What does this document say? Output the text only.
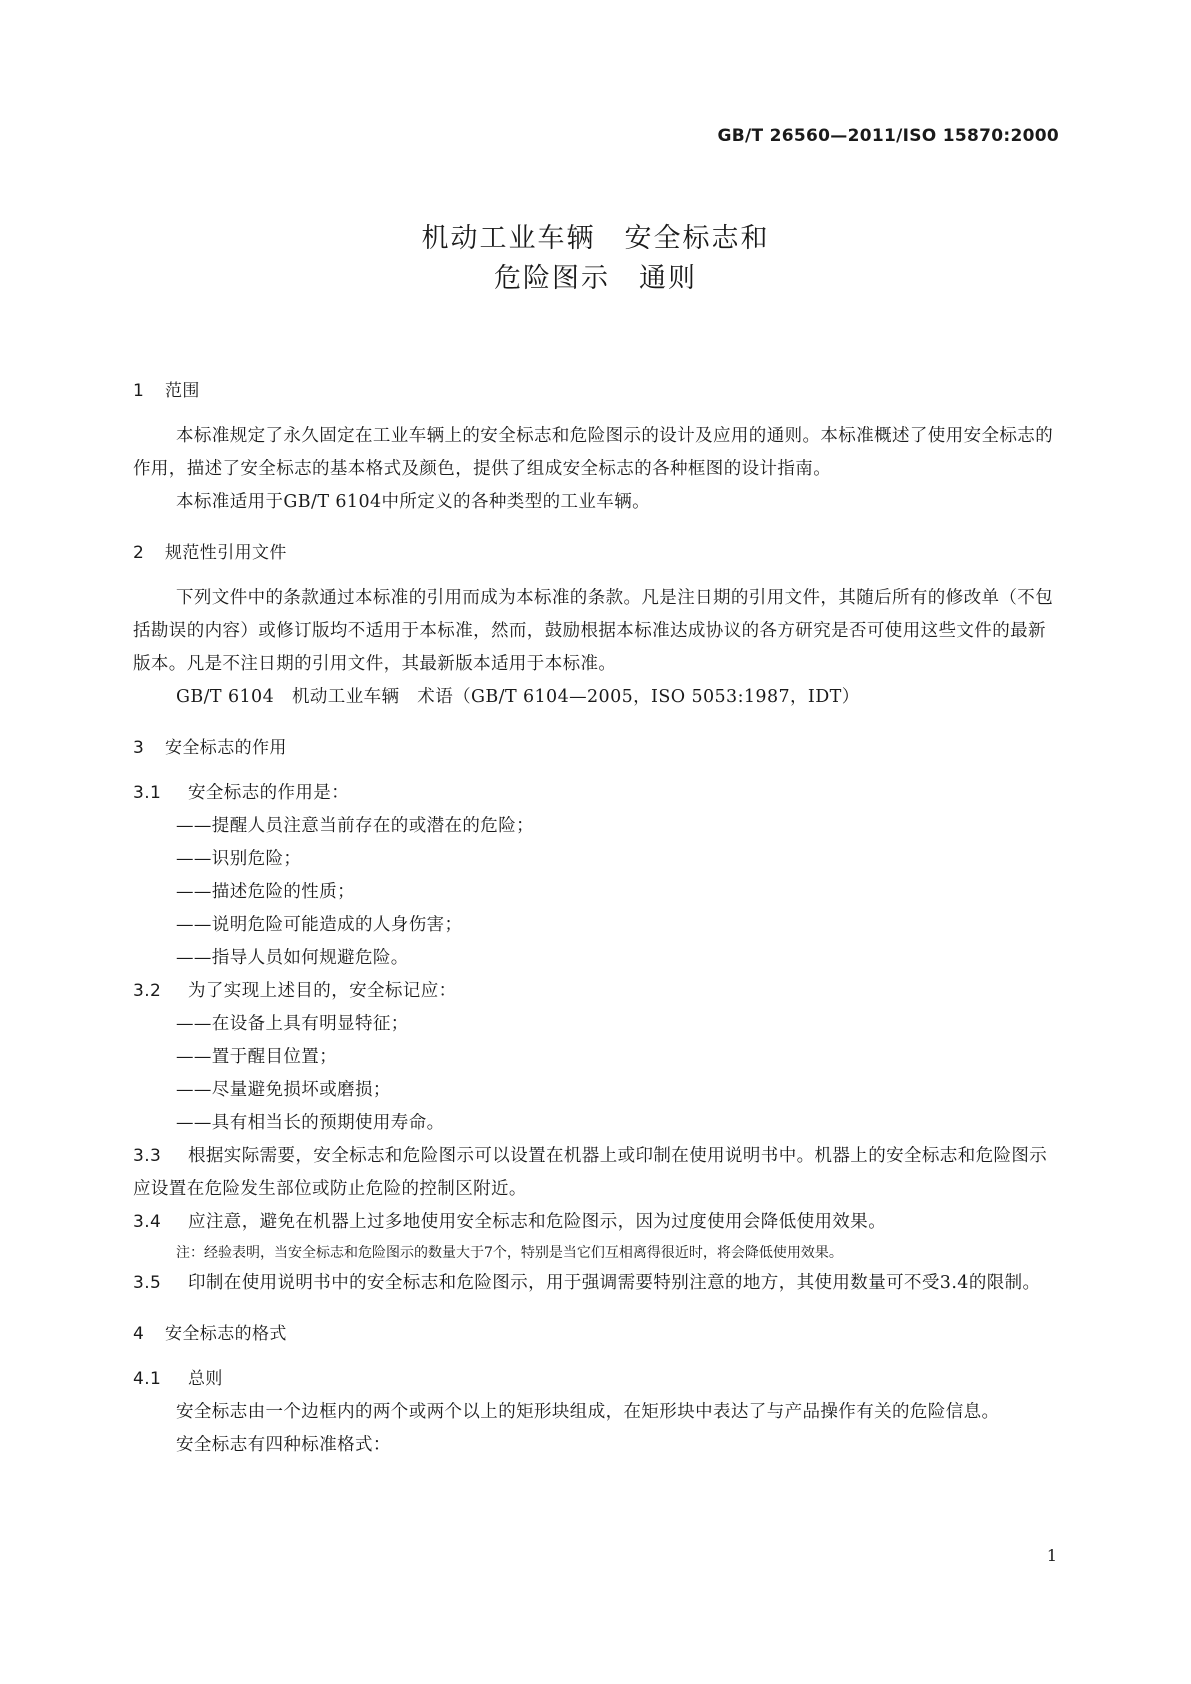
GB/T 26560—2011/ISO 15870:2000
机动工业车辆　安全标志和
危险图示　通则
1 范围

本标准规定了永久固定在工业车辆上的安全标志和危险图示的设计及应用的通则。本标准概述了使用安全标志的作用，描述了安全标志的基本格式及颜色，提供了组成安全标志的各种框图的设计指南。

本标准适用于GB/T 6104中所定义的各种类型的工业车辆。

2 规范性引用文件

下列文件中的条款通过本标准的引用而成为本标准的条款。凡是注日期的引用文件，其随后所有的修改单（不包括勘误的内容）或修订版均不适用于本标准，然而，鼓励根据本标准达成协议的各方研究是否可使用这些文件的最新版本。凡是不注日期的引用文件，其最新版本适用于本标准。

GB/T 6104　机动工业车辆　术语（GB/T 6104—2005，ISO 5053:1987，IDT）

3 安全标志的作用

3.1 安全标志的作用是：

——提醒人员注意当前存在的或潜在的危险；

——识别危险；

——描述危险的性质；

——说明危险可能造成的人身伤害；

——指导人员如何规避危险。

3.2 为了实现上述目的，安全标记应：

——在设备上具有明显特征；

——置于醒目位置；

——尽量避免损坏或磨损；

——具有相当长的预期使用寿命。

3.3 根据实际需要，安全标志和危险图示可以设置在机器上或印制在使用说明书中。机器上的安全标志和危险图示应设置在危险发生部位或防止危险的控制区附近。

3.4 应注意，避免在机器上过多地使用安全标志和危险图示，因为过度使用会降低使用效果。

注：经验表明，当安全标志和危险图示的数量大于7个，特别是当它们互相离得很近时，将会降低使用效果。

3.5 印制在使用说明书中的安全标志和危险图示，用于强调需要特别注意的地方，其使用数量可不受3.4的限制。

4 安全标志的格式

4.1 总则

安全标志由一个边框内的两个或两个以上的矩形块组成，在矩形块中表达了与产品操作有关的危险信息。

安全标志有四种标准格式：

1
